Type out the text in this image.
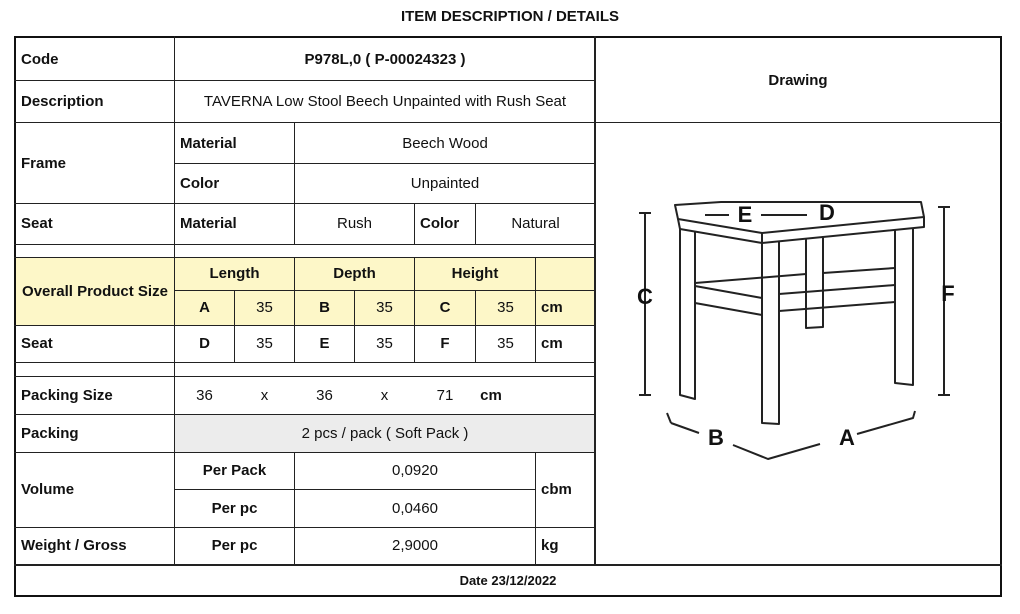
ITEM DESCRIPTION / DETAILS
Code	P978L,0 ( P-00024323 )
Description	TAVERNA Low Stool Beech Unpainted with Rush Seat
Drawing
Frame
Material	Beech Wood
Color	Unpainted
Seat	Material	Rush	Color	Natural
Overall Product Size
Length	Depth	Height
A	35	B	35	C	35	cm
Seat	D	35	E	35	F	35	cm
Packing Size	36	x	36	x	71	cm
Packing	2 pcs / pack ( Soft Pack )
Volume
Per Pack	0,0920
Per pc	0,0460
cbm
Weight / Gross	Per pc	2,9000	kg
Date 23/12/2022
C	F
B	A
E	D
